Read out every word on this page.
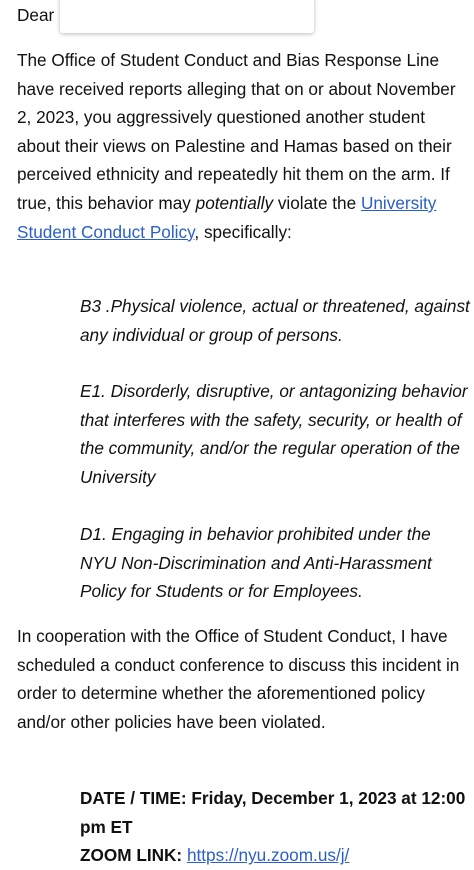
Dear

The Office of Student Conduct and Bias Response Line have received reports alleging that on or about November 2, 2023, you aggressively questioned another student about their views on Palestine and Hamas based on their perceived ethnicity and repeatedly hit them on the arm. If true, this behavior may potentially violate the University Student Conduct Policy, specifically:

B3 .Physical violence, actual or threatened, against any individual or group of persons.

E1. Disorderly, disruptive, or antagonizing behavior that interferes with the safety, security, or health of the community, and/or the regular operation of the University

D1. Engaging in behavior prohibited under the NYU Non-Discrimination and Anti-Harassment Policy for Students or for Employees.

In cooperation with the Office of Student Conduct, I have scheduled a conduct conference to discuss this incident in order to determine whether the aforementioned policy and/or other policies have been violated.

DATE / TIME: Friday, December 1, 2023 at 12:00 pm ET
ZOOM LINK: https://nyu.zoom.us/j/
